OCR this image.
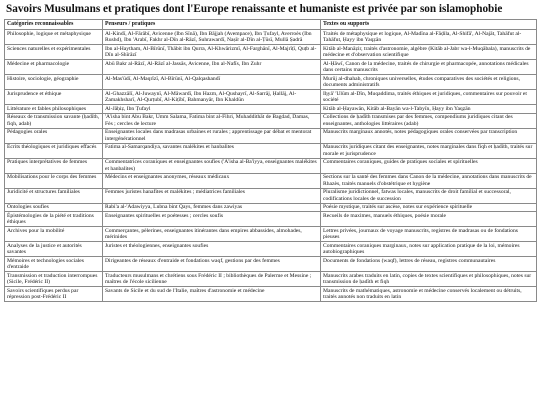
Savoirs Musulmans et pratiques dont l'Europe renaissante et humaniste est privée par son islamophobie
Catégories reconnaissables	Penseurs / pratiques	Textes ou supports
Philosophie, logique et métaphysique	Al-Kindī, Al-Fārābī, Avicenne (Ibn Sīnā), Ibn Bājjah (Avempace), Ibn Ṭufayl, Averroès (Ibn Rushd), Ibn 'Arabī, Fakhr al-Dīn al-Rāzī, Suhrawardī, Naṣīr al-Dīn al-Ṭūsī, Mullā Ṣadrā	Traités de métaphysique et logique, Al-Madīna al-Fāḍila, Al-Shifā', Al-Najāt, Tahāfut al-Tahāfut, Ḥayy ibn Yaqẓān
Sciences naturelles et expérimentales	Ibn al-Haytham, Al-Bīrūnī, Thābit ibn Qurra, Al-Khwārizmī, Al-Farghānī, Al-Majrīṭī, Quṭb al-Dīn al-Shīrāzī	Kitāb al-Manāẓir, traités d'astronomie, algèbre (Kitāb al-Jabr wa-l-Muqābala), manuscrits de médecine et d'observation scientifique
Médecine et pharmacologie	Abū Bakr al-Rāzī, Al-Rāzī al-Jassās, Avicenne, Ibn al-Nafīs, Ibn Zuhr	Al-Ḥāwī, Canon de la médecine, traités de chirurgie et pharmacopée, annotations médicales dans certains manuscrits
Histoire, sociologie, géographie	Al-Mas'ūdī, Al-Maqrīzī, Al-Bīrūnī, Al-Qalqashandī	Murūj al-dhahab, chroniques universelles, études comparatives des sociétés et religions, documents administratifs
Jurisprudence et éthique	Al-Ghazzālī, Al-Juwaynī, Al-Māwardī, Ibn Hazm, Al-Qushayrī, Al-Sarrāj, Ḥallāj, Al-Zamakhsharī, Al-Qurṭubī, Al-Kiṭībī, Bahmanyār, Ibn Khaldūn	Iḥyā' 'Ulūm al-Dīn, Muqaddima, traités éthiques et juridiques, commentaires sur pouvoir et société
Littérature et fables philosophiques	Al-Jāḥiẓ, Ibn Ṭufayl	Kitāb al-Ḥayawān, Kitāb al-Bayān wa-l-Tabyīn, Ḥayy ibn Yaqẓān
Réseaux de transmission savante (ḥadīth, fiqh, adab)	'A'isha bint Abu Bakr, Umm Salama, Fatima bint al-Fihri, Muhaddithāt de Bagdad, Damas, Fès ; cercles de lecture	Collections de ḥadīth transmises par des femmes, compendiums juridiques citant des enseignantes, anthologies littéraires (adab)
Pédagogies orales	Enseignantes locales dans madrasas urbaines et rurales ; apprentissage par débat et mentorat intergénérationnel	Manuscrits marginaux annotés, notes pédagogiques orales conservées par transcription
Écrits théologiques et juridiques effacés	Fatima al-Samarqandiya, savantes malékites et hanbalites	Manuscrits juridiques citant des enseignantes, notes marginales dans fiqh et ḥadīth, traités sur morale et jurisprudence
Pratiques interprétatives de femmes	Commentatrices coraniques et enseignantes soufies ('A'isha al-Ba'iyya, enseignantes malékites et hanbalites)	Commentaires coraniques, guides de pratiques sociales et spirituelles
Mobilisations pour le corps des femmes	Médecins et enseignantes anonymes, réseaux médicaux	Sections sur la santé des femmes dans Canon de la médecine, annotations dans manuscrits de Rhazès, traités manuels d'obstétrique et hygiène
Juridicité et structures familiales	Femmes juristes hanafites et malékites ; médiatrices familiales	Pluralisme juridictionnel, fatwas locales, manuscrits de droit familial et successoral, codifications locales de succession
Ontologies soufies	Rabi'a al-'Adawiyya, Lubna bint Qays, femmes dans zawiyas	Poésie mystique, traités sur ascèse, notes sur expérience spirituelle
Épistémologies de la piété et traditions éthiques	Enseignantes spirituelles et poétesses ; cercles soufis	Recueils de maximes, manuels éthiques, poésie morale
Archives pour la mobilité	Commerçantes, pèlerines, enseignantes itinérantes dans empires abbassides, almohades, mérinides	Lettres privées, journaux de voyage manuscrits, registres de madrasas ou de fondations pieuses
Analyses de la justice et autorités savantes	Juristes et théologiennes, enseignantes soufies	Commentaires coraniques marginaux, notes sur application pratique de la loi, mémoires autobiographiques
Mémoires et technologies sociales d'entraide	Dirigeantes de réseaux d'entraide et fondations waqf, gestions par des femmes	Documents de fondations (waqf), lettres de réseau, registres communautaires
Transmission et traduction interrompues (Sicile, Frédéric II)	Traducteurs musulmans et chrétiens sous Frédéric II ; bibliothèques de Palerme et Messine ; maîtres de l'école sicilienne	Manuscrits arabes traduits en latin, copies de textes scientifiques et philosophiques, notes sur transmission de ḥadīth et fiqh
Savoirs scientifiques perdus par répression post-Frédéric II	Savants de Sicile et du sud de l'Italie, maîtres d'astronomie et médecine	Manuscrits de mathématiques, astronomie et médecine conservés localement ou détruits, traités annotés non traduits en latin
